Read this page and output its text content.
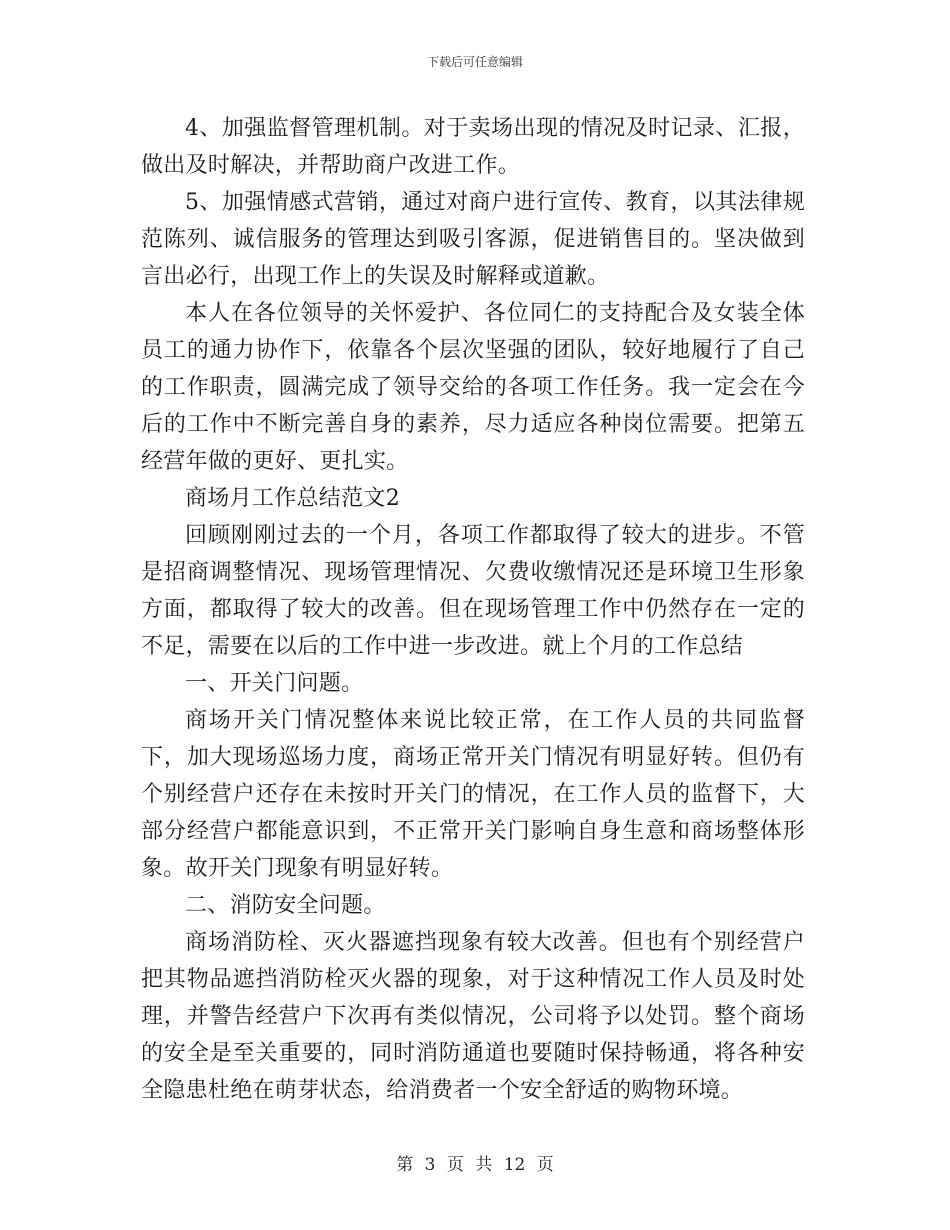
下载后可任意编辑

4、加强监督管理机制。对于卖场出现的情况及时记录、汇报，做出及时解决，并帮助商户改进工作。

5、加强情感式营销，通过对商户进行宣传、教育，以其法律规范陈列、诚信服务的管理达到吸引客源，促进销售目的。坚决做到言出必行，出现工作上的失误及时解释或道歉。

本人在各位领导的关怀爱护、各位同仁的支持配合及女装全体员工的通力协作下，依靠各个层次坚强的团队，较好地履行了自己的工作职责，圆满完成了领导交给的各项工作任务。我一定会在今后的工作中不断完善自身的素养，尽力适应各种岗位需要。把第五经营年做的更好、更扎实。

商场月工作总结范文2

回顾刚刚过去的一个月，各项工作都取得了较大的进步。不管是招商调整情况、现场管理情况、欠费收缴情况还是环境卫生形象方面，都取得了较大的改善。但在现场管理工作中仍然存在一定的不足，需要在以后的工作中进一步改进。就上个月的工作总结

一、开关门问题。

商场开关门情况整体来说比较正常，在工作人员的共同监督下，加大现场巡场力度，商场正常开关门情况有明显好转。但仍有个别经营户还存在未按时开关门的情况，在工作人员的监督下，大部分经营户都能意识到，不正常开关门影响自身生意和商场整体形象。故开关门现象有明显好转。

二、消防安全问题。

商场消防栓、灭火器遮挡现象有较大改善。但也有个别经营户把其物品遮挡消防栓灭火器的现象，对于这种情况工作人员及时处理，并警告经营户下次再有类似情况，公司将予以处罚。整个商场的安全是至关重要的，同时消防通道也要随时保持畅通，将各种安全隐患杜绝在萌芽状态，给消费者一个安全舒适的购物环境。

第 3 页 共 12 页
